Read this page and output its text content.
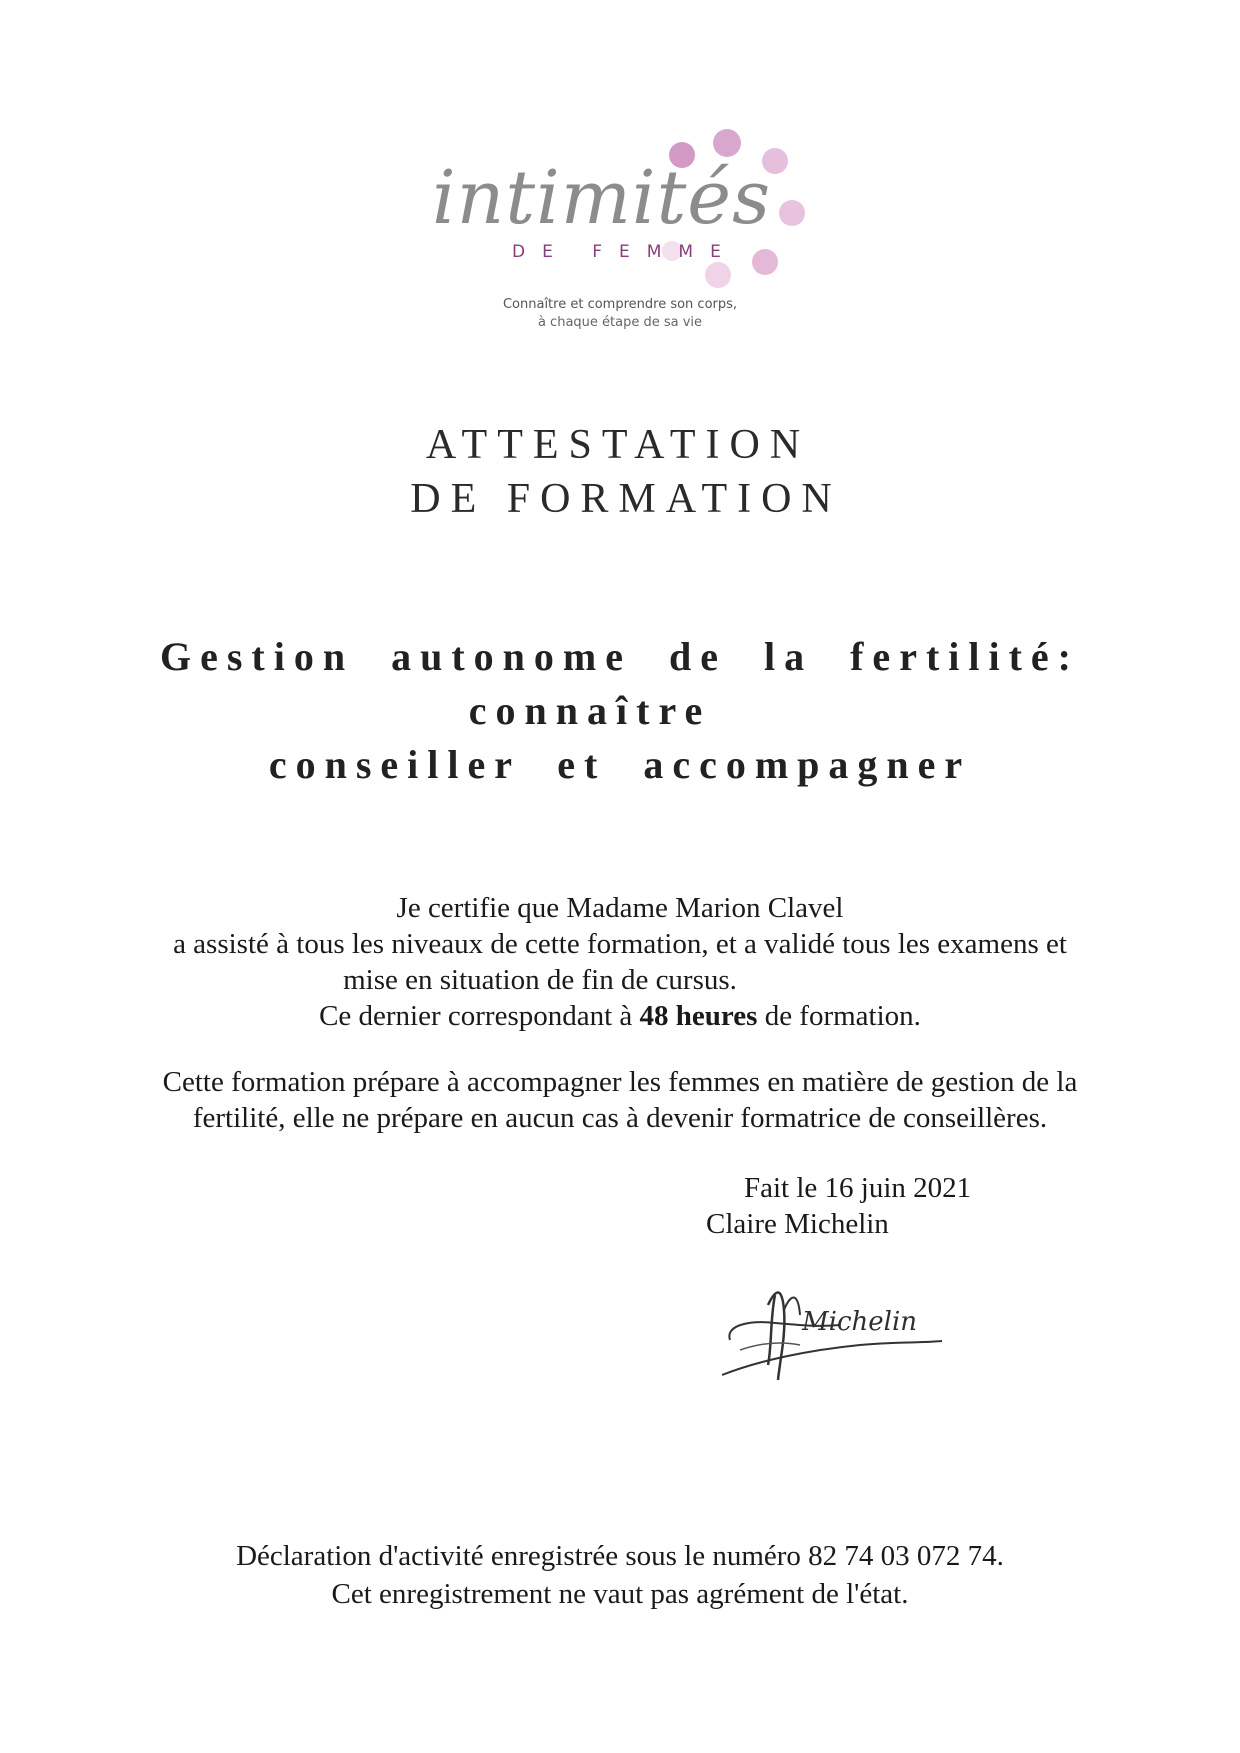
intimités
DE FEMME
Connaître et comprendre son corps,
à chaque étape de sa vie
ATTESTATION
DE FORMATION
Gestion autonome de la fertilité:
connaître
conseiller et accompagner
Je certifie que Madame Marion Clavel
a assisté à tous les niveaux de cette formation, et a validé tous les examens et
mise en situation de fin de cursus.
Ce dernier correspondant à 48 heures de formation.
Cette formation prépare à accompagner les femmes en matière de gestion de la
fertilité, elle ne prépare en aucun cas à devenir formatrice de conseillères.
Fait le 16 juin 2021
Claire Michelin
Michelin
Déclaration d'activité enregistrée sous le numéro 82 74 03 072 74.
Cet enregistrement ne vaut pas agrément de l'état.
